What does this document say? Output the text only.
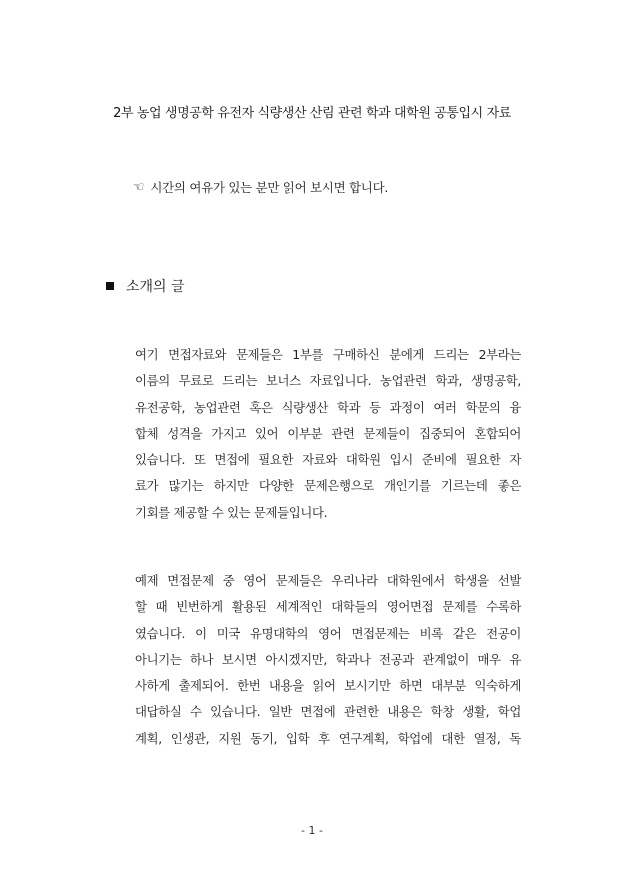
2부 농업 생명공학 유전자 식량생산 산림 관련 학과 대학원 공통입시 자료
☞ 시간의 여유가 있는 분만 읽어 보시면 합니다.
소개의 글
여기 면접자료와 문제들은 1부를 구매하신 분에게 드리는 2부라는
이름의 무료로 드리는 보너스 자료입니다. 농업관련 학과, 생명공학,
유전공학, 농업관련 혹은 식량생산 학과 등 과정이 여러 학문의 융
합체 성격을 가지고 있어 이부분 관련 문제들이 집중되어 혼합되어
있습니다. 또 면접에 필요한 자료와 대학원 입시 준비에 필요한 자
료가 많기는 하지만 다양한 문제은행으로 개인기를 기르는데 좋은
기회를 제공할 수 있는 문제들입니다.
예제 면접문제 중 영어 문제들은 우리나라 대학원에서 학생을 선발
할 때 빈번하게 활용된 세계적인 대학들의 영어면접 문제를 수록하
였습니다. 이 미국 유명대학의 영어 면접문제는 비록 같은 전공이
아니기는 하나 보시면 아시겠지만, 학과나 전공과 관계없이 매우 유
사하게 출제되어. 한번 내용을 읽어 보시기만 하면 대부분 익숙하게
대답하실 수 있습니다. 일반 면접에 관련한 내용은 학창 생활, 학업
계획, 인생관, 지원 동기, 입학 후 연구계획, 학업에 대한 열정, 독
- 1 -
